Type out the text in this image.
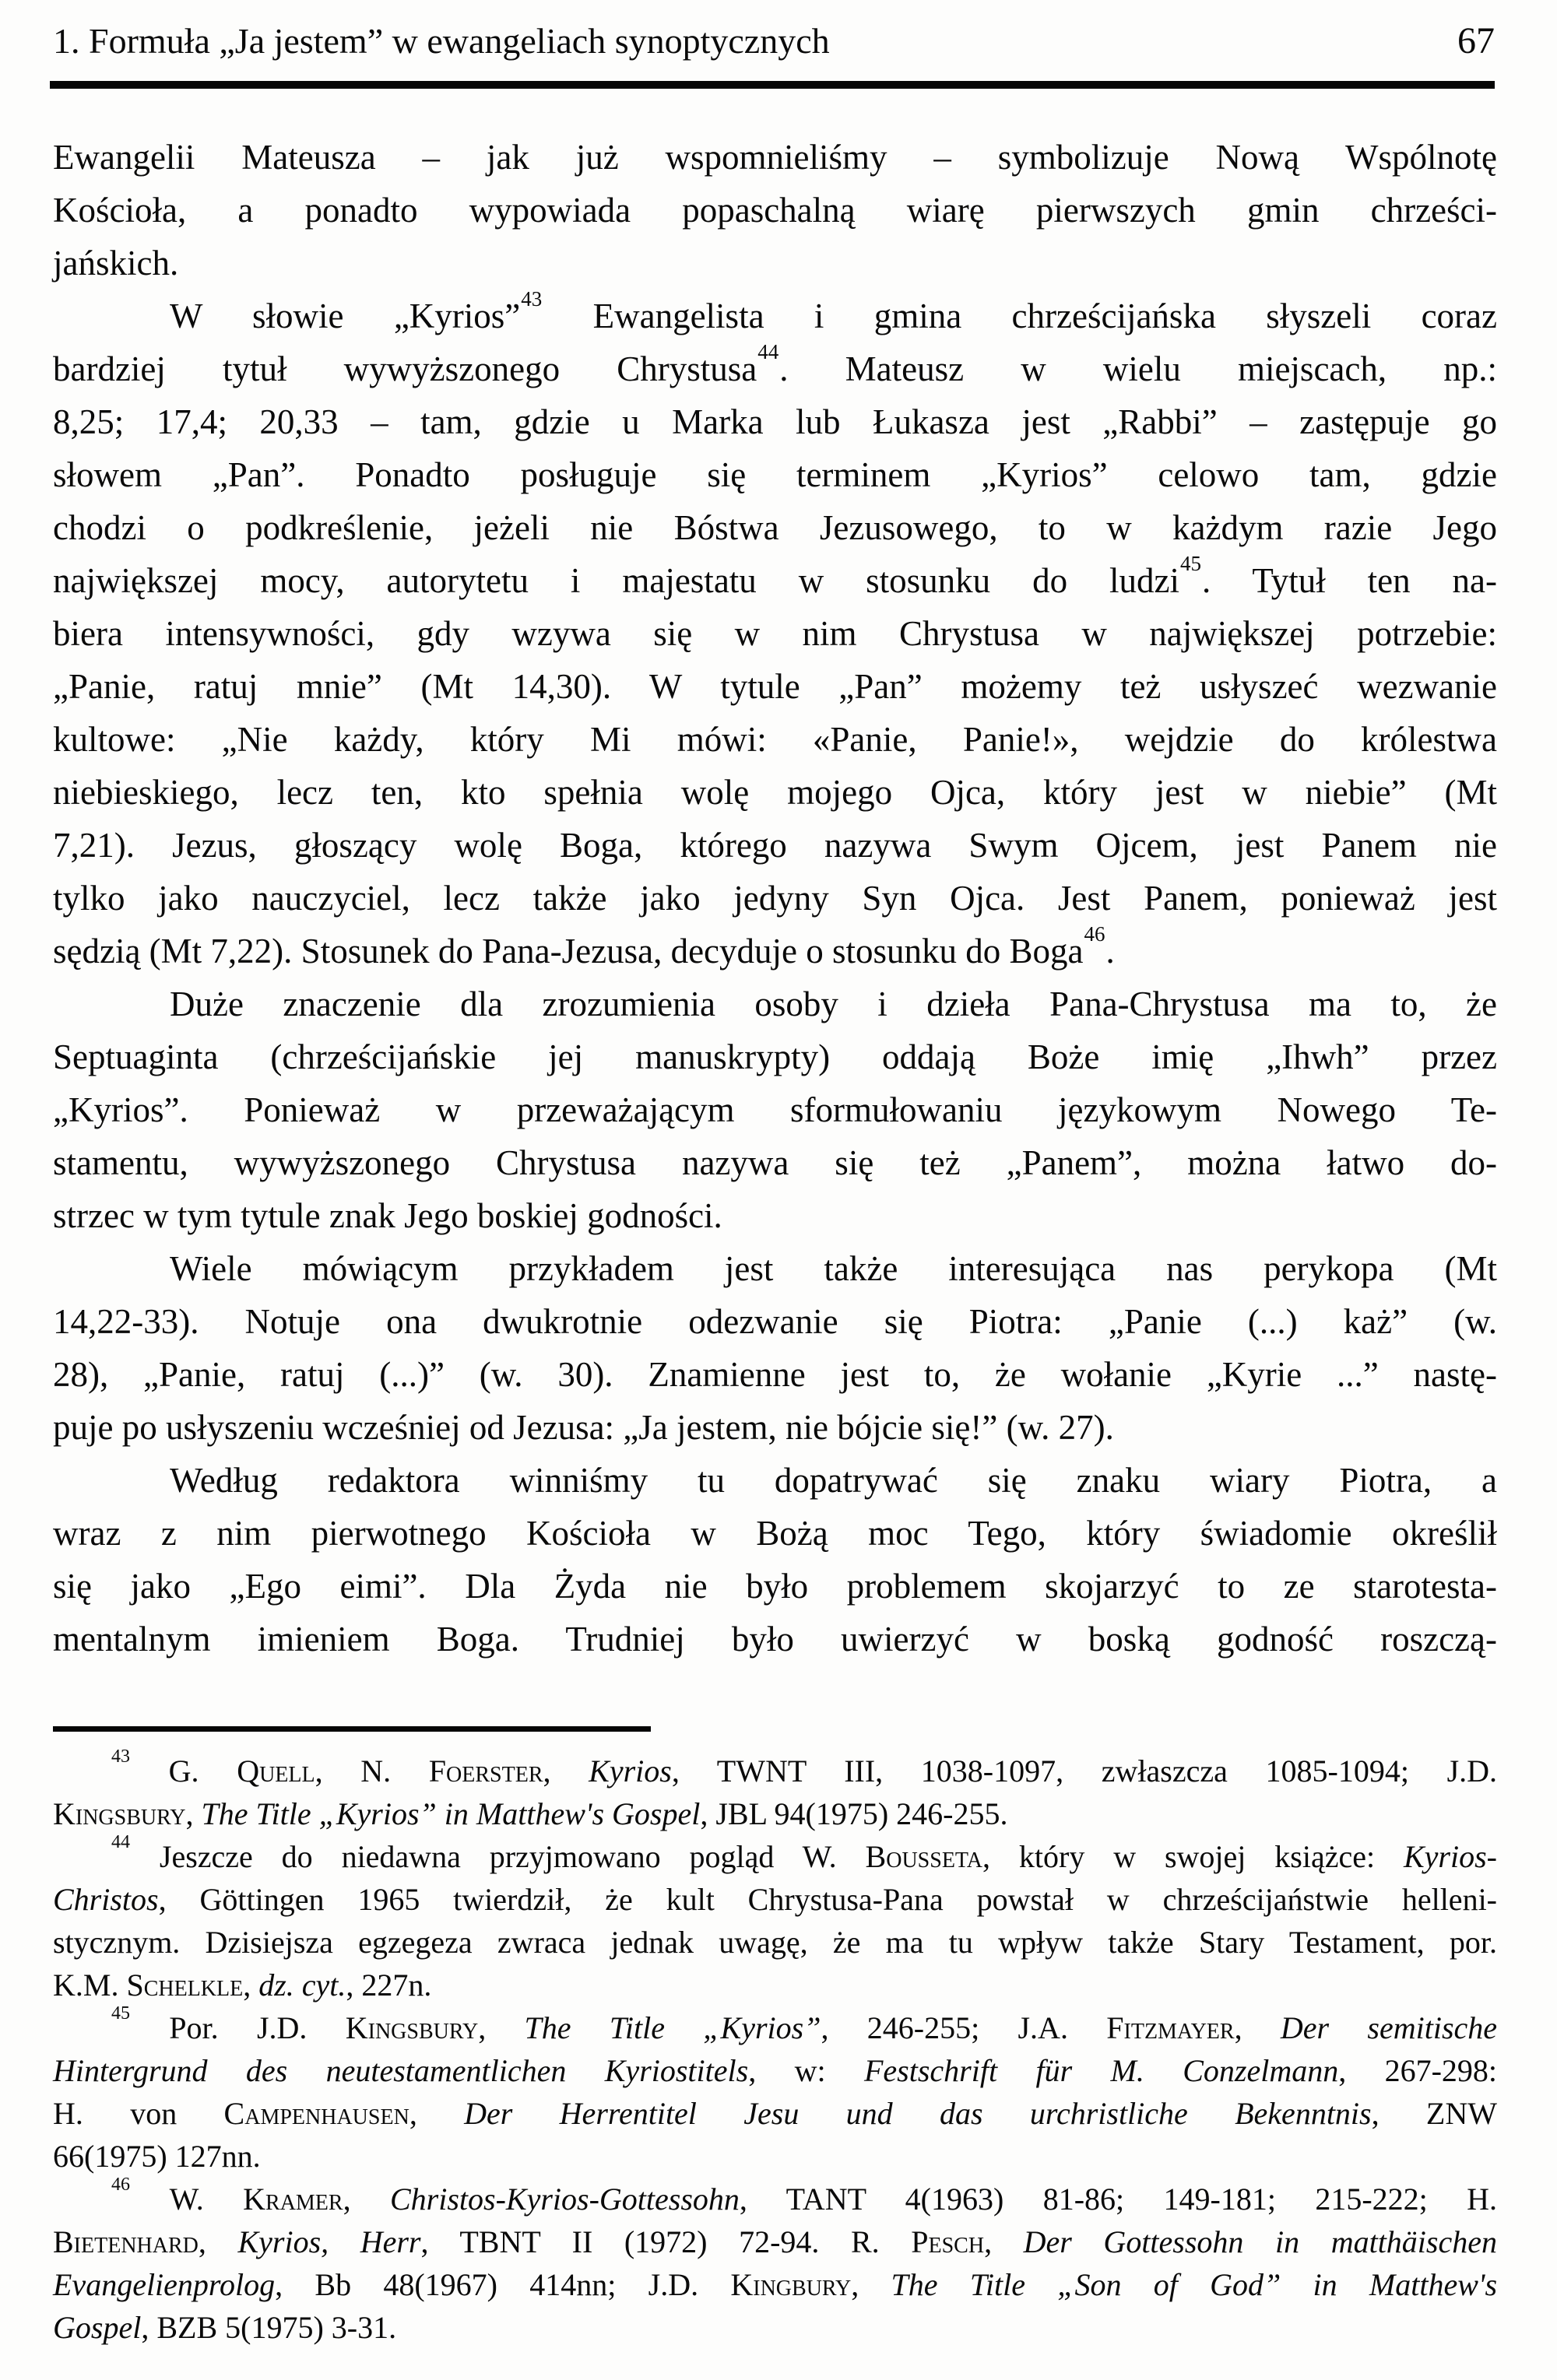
1. Formuła „Ja jestem” w ewangeliach synoptycznych	67
Ewangelii Mateusza – jak już wspomnieliśmy – symbolizuje Nową Wspólnotę
Kościoła, a ponadto wypowiada popaschalną wiarę pierwszych gmin chrześci-
jańskich.
W słowie „Kyrios”$^{43}$ Ewangelista i gmina chrześcijańska słyszeli coraz
bardziej tytuł wywyższonego Chrystusa$^{44}$. Mateusz w wielu miejscach, np.:
8,25; 17,4; 20,33 – tam, gdzie u Marka lub Łukasza jest „Rabbi” – zastępuje go
słowem „Pan”. Ponadto posługuje się terminem „Kyrios” celowo tam, gdzie
chodzi o podkreślenie, jeżeli nie Bóstwa Jezusowego, to w każdym razie Jego
największej mocy, autorytetu i majestatu w stosunku do ludzi$^{45}$. Tytuł ten na-
biera intensywności, gdy wzywa się w nim Chrystusa w największej potrzebie:
„Panie, ratuj mnie” (Mt 14,30). W tytule „Pan” możemy też usłyszeć wezwanie
kultowe: „Nie każdy, który Mi mówi: «Panie, Panie!», wejdzie do królestwa
niebieskiego, lecz ten, kto spełnia wolę mojego Ojca, który jest w niebie” (Mt
7,21). Jezus, głoszący wolę Boga, którego nazywa Swym Ojcem, jest Panem nie
tylko jako nauczyciel, lecz także jako jedyny Syn Ojca. Jest Panem, ponieważ jest
sędzią (Mt 7,22). Stosunek do Pana-Jezusa, decyduje o stosunku do Boga$^{46}$.
Duże znaczenie dla zrozumienia osoby i dzieła Pana-Chrystusa ma to, że
Septuaginta (chrześcijańskie jej manuskrypty) oddają Boże imię „Ihwh” przez
„Kyrios”. Ponieważ w przeważającym sformułowaniu językowym Nowego Te-
stamentu, wywyższonego Chrystusa nazywa się też „Panem”, można łatwo do-
strzec w tym tytule znak Jego boskiej godności.
Wiele mówiącym przykładem jest także interesująca nas perykopa (Mt
14,22-33). Notuje ona dwukrotnie odezwanie się Piotra: „Panie (...) każ” (w.
28), „Panie, ratuj (...)” (w. 30). Znamienne jest to, że wołanie „Kyrie ...” nastę-
puje po usłyszeniu wcześniej od Jezusa: „Ja jestem, nie bójcie się!” (w. 27).
Według redaktora winniśmy tu dopatrywać się znaku wiary Piotra, a
wraz z nim pierwotnego Kościoła w Bożą moc Tego, który świadomie określił
się jako „Ego eimi”. Dla Żyda nie było problemem skojarzyć to ze starotesta-
mentalnym imieniem Boga. Trudniej było uwierzyć w boską godność roszczą-
$^{43}$ G. Quell, N. Foerster, Kyrios, TWNT III, 1038-1097, zwłaszcza 1085-1094; J.D.
Kingsbury, The Title „Kyrios” in Matthew's Gospel, JBL 94(1975) 246-255.
$^{44}$ Jeszcze do niedawna przyjmowano pogląd W. Bousseta, który w swojej książce: Kyrios-
Christos, Göttingen 1965 twierdził, że kult Chrystusa-Pana powstał w chrześcijaństwie helleni-
stycznym. Dzisiejsza egzegeza zwraca jednak uwagę, że ma tu wpływ także Stary Testament, por.
K.M. Schelkle, dz. cyt., 227n.
$^{45}$ Por. J.D. Kingsbury, The Title „Kyrios”, 246-255; J.A. Fitzmayer, Der semitische
Hintergrund des neutestamentlichen Kyriostitels, w: Festschrift für M. Conzelmann, 267-298:
H. von Campenhausen, Der Herrentitel Jesu und das urchristliche Bekenntnis, ZNW
66(1975) 127nn.
$^{46}$ W. Kramer, Christos-Kyrios-Gottessohn, TANT 4(1963) 81-86; 149-181; 215-222; H.
Bietenhard, Kyrios, Herr, TBNT II (1972) 72-94. R. Pesch, Der Gottessohn in matthäischen
Evangelienprolog, Bb 48(1967) 414nn; J.D. Kingbury, The Title „Son of God” in Matthew's
Gospel, BZB 5(1975) 3-31.
